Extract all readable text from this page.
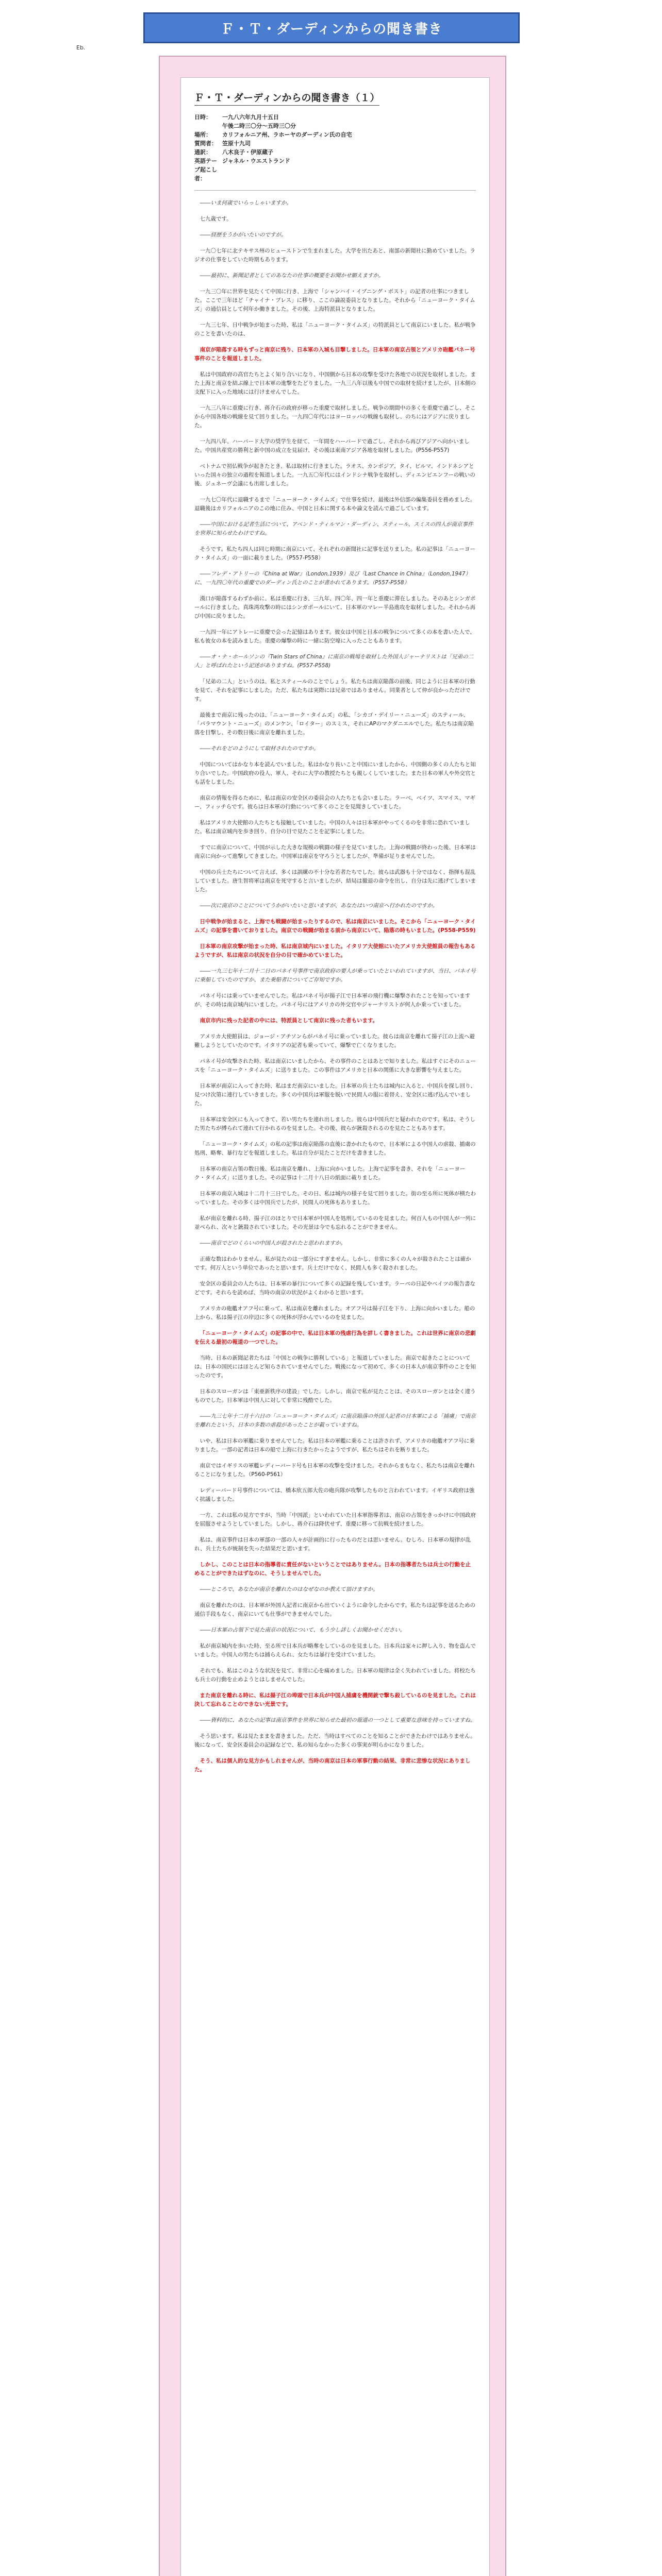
Ｆ・Ｔ・ダーディンからの聞き書き
Eb.
Ｆ・Ｔ・ダーディンからの聞き書き（１）
日時：	一九八六年九月十五日
午後二時三〇分～五時三〇分
場所：	カリフォルニア州、ラホーヤのダーディン氏の自宅
質問者： 笠原十九司
通訳：	八木良子・伊原蔵子
英語テープ起こし者：
ジャネル・ウエストランド

――いま何歳でいらっしゃいますか。

七九歳です。

――経歴をうかがいたいのですが。

一九〇七年に北テキサス州のヒューストンで生まれました。大学を出たあと、南部の新聞社に勤めていました。ラジオの仕事をしていた時期もあります。

――最初に、新聞記者としてのあなたの仕事の概要をお聞かせ願えますか。

一九三〇年に世界を見たくて中国に行き、上海で「シャンハイ・イブニング・ポスト」の記者の仕事につきました。ここで三年ほど「チャイナ・プレス」に移り、ここの論説委員となりました。それから「ニューヨーク・タイムズ」の通信員として何年か働きました。その後、上海特派員となりました。

一九三七年、日中戦争が始まった時、私は「ニューヨーク・タイムズ」の特派員として南京にいました。私が戦争のことを書いたのは、

南京が陥落する時もずっと南京に残り、日本軍の入城も目撃しました。日本軍の南京占領とアメリカ砲艦パネー号事件のことを報道しました。

私は中国政府の高官たちとよく知り合いになり、中国側から日本の攻撃を受けた各地での状況を取材しました。また上海と南京を結ぶ線上で日本軍の進撃をたどりました。一九三八年以後も中国での取材を続けましたが、日本側の支配下に入った地域には行けませんでした。

一九三八年に重慶に行き、蒋介石の政府が移った重慶で取材しました。戦争の期間中の多くを重慶で過ごし、そこから中国各地の戦線を見て回りました。一九四〇年代にはヨーロッパの戦線も取材し、のちにはアジアに戻りました。

一九四八年、ハーバード大学の奨学生を経て、一年間をハーバードで過ごし、それから再びアジアへ向かいました。中国共産党の勝利と新中国の成立を見届け、その後は東南アジア各地を取材しました。(P556-P557)

ベトナムで初仏戦争が起きたとき、私は取材に行きました。ラオス、カンボジア、タイ、ビルマ、インドネシアといった国々の独立の過程を報道しました。一九五〇年代にはインドシナ戦争を取材し、ディエンビエンフーの戦いの後、ジュネーヴ会議にも出席しました。

一九七〇年代に退職するまで「ニューヨーク・タイムズ」で仕事を続け、最後は外信部の編集委員を務めました。退職後はカリフォルニアのこの地に住み、中国と日本に関する本や論文を読んで過ごしています。

――中国における記者生活について、アベンド・ティルマン・ダーディン、スティール、スミスの四人が南京事件を世界に知らせたわけですね。

そうです。私たち四人は同じ時期に南京にいて、それぞれの新聞社に記事を送りました。私の記事は「ニューヨーク・タイムズ」の一面に載りました。（P557-P558）

――フレデ・アトリーの『China at War』（London,1939）及び『Last Chance in China』（London,1947）に、一九四〇年代の重慶でのダーディン氏とのことが書かれてあります。（P557-P558）

漢口が陥落するわずか前に、私は重慶に行き、三九年、四〇年、四一年と重慶に滞在しました。そのあとシンガポールに行きました。真珠湾攻撃の時にはシンガポールにいて、日本軍のマレー半島進攻を取材しました。それから再び中国に戻りました。

一九四一年にアトレーに重慶で会った記憶はあります。彼女は中国と日本の戦争について多くの本を書いた人で、私も彼女の本を読みました。重慶の爆撃の時に一緒に防空壕に入ったこともあります。

――オ・ナ・ホールソンの『Twin Stars of China』に南京の戦場を取材した外国人ジャーナリストは「兄弟の二人」と呼ばれたという記述がありますね。(P557-P558)

「兄弟の二人」というのは、私とスティールのことでしょう。私たちは南京陥落の前後、同じように日本軍の行動を見て、それを記事にしました。ただ、私たちは実際には兄弟ではありません。同業者として仲が良かっただけです。

最後まで南京に残ったのは、「ニューヨーク・タイムズ」の私、「シカゴ・デイリー・ニューズ」のスティール、「パラマウント・ニューズ」のメンケン、「ロイター」のスミス、それにAPのマクダニエルでした。私たちは南京陥落を目撃し、その数日後に南京を離れました。

――それをどのようにして取材されたのですか。

中国についてはかなり本を読んでいました。私はかなり長いこと中国にいましたから、中国側の多くの人たちと知り合いでした。中国政府の役人、軍人、それに大学の教授たちとも親しくしていました。また日本の軍人や外交官とも話をしました。

南京の情報を得るために、私は南京の安全区の委員会の人たちとも会いました。ラーベ、ベイツ、スマイス、マギー、フィッチらです。彼らは日本軍の行動について多くのことを見聞きしていました。

私はアメリカ大使館の人たちとも接触していました。中国の人々は日本軍がやってくるのを非常に恐れていました。私は南京城内を歩き回り、自分の目で見たことを記事にしました。

すでに南京について、中国が示した大きな規模の戦闘の様子を見ていました。上海の戦闘が終わった後、日本軍は南京に向かって進撃してきました。中国軍は南京を守ろうとしましたが、準備が足りませんでした。

中国の兵士たちについて言えば、多くは訓練の不十分な若者たちでした。彼らは武器も十分ではなく、指揮も混乱していました。唐生智将軍は南京を死守すると言いましたが、結局は撤退の命令を出し、自分は先に逃げてしまいました。

――次に南京のことについてうかがいたいと思いますが、あなたはいつ南京へ行かれたのですか。

日中戦争が始まると、上海でも戦闘が始まったりするので、私は南京にいました。そこから「ニューヨーク・タイムズ」の記事を書いておりました。南京での戦闘が始まる前から南京にいて、陥落の時もいました。(P558-P559)

日本軍の南京攻撃が始まった時、私は南京城内にいました。イタリア大使館にいたアメリカ大使館員の報告もあるようですが、私は南京の状況を自分の目で確かめていました。

――一九三七年十二月十二日のパネイ号事件で南京政府の要人が乗っていたといわれていますが、当日、パネイ号に乗船していたのですか、また乗船者についてご存知ですか。

パネイ号には乗っていませんでした。私はパネイ号が揚子江で日本軍の飛行機に爆撃されたことを知っていますが、その時は南京城内にいました。パネイ号にはアメリカの外交官やジャーナリストが何人か乗っていました。

南京市内に残った記者の中には、特派員として南京に残った者もいます。

アメリカ大使館員は、ジョージ・アチソンらがパネイ号に乗っていました。彼らは南京を離れて揚子江の上流へ避難しようとしていたのです。イタリアの記者も乗っていて、爆撃で亡くなりました。

パネイ号が攻撃された時、私は南京にいましたから、その事件のことはあとで知りました。私はすぐにそのニュースを「ニューヨーク・タイムズ」に送りました。この事件はアメリカと日本の関係に大きな影響を与えました。

日本軍が南京に入ってきた時、私はまだ南京にいました。日本軍の兵士たちは城内に入ると、中国兵を探し回り、見つけ次第に連行していきました。多くの中国兵は軍服を脱いで民間人の服に着替え、安全区に逃げ込んでいました。

日本軍は安全区にも入ってきて、若い男たちを連れ出しました。彼らは中国兵だと疑われたのです。私は、そうした男たちが縛られて連れて行かれるのを見ました。その後、彼らが銃殺されるのを見たこともあります。

「ニューヨーク・タイムズ」の私の記事は南京陥落の直後に書かれたもので、日本軍による中国人の虐殺、捕虜の処刑、略奪、暴行などを報道しました。私は自分が見たことだけを書きました。

日本軍の南京占領の数日後、私は南京を離れ、上海に向かいました。上海で記事を書き、それを「ニューヨーク・タイムズ」に送りました。その記事は十二月十八日の紙面に載りました。

日本軍の南京入城は十二月十三日でした。その日、私は城内の様子を見て回りました。街の至る所に死体が横たわっていました。その多くは中国兵でしたが、民間人の死体もありました。

私が南京を離れる時、揚子江のほとりで日本軍が中国人を処刑しているのを見ました。何百人もの中国人が一列に並べられ、次々と銃殺されていました。その光景は今でも忘れることができません。

――南京でどのくらいの中国人が殺されたと思われますか。

正確な数はわかりません。私が見たのは一部分にすぎません。しかし、非常に多くの人々が殺されたことは確かです。何万人という単位であったと思います。兵士だけでなく、民間人も多く殺されました。

安全区の委員会の人たちは、日本軍の暴行について多くの記録を残しています。ラーベの日記やベイツの報告書などです。それらを読めば、当時の南京の状況がよくわかると思います。

アメリカの砲艦オアフ号に乗って、私は南京を離れました。オアフ号は揚子江を下り、上海に向かいました。船の上から、私は揚子江の岸辺に多くの死体が浮かんでいるのを見ました。

「ニューヨーク・タイムズ」の記事の中で、私は日本軍の残虐行為を詳しく書きました。これは世界に南京の悲劇を伝える最初の報道の一つでした。

当時、日本の新聞記者たちは「中国との戦争に勝利している」と報道していました。南京で起きたことについては、日本の国民にはほとんど知らされていませんでした。戦後になって初めて、多くの日本人が南京事件のことを知ったのです。

日本のスローガンは「東亜新秩序の建設」でした。しかし、南京で私が見たことは、そのスローガンとは全く違うものでした。日本軍は中国人に対して非常に残酷でした。

――九三七年十二月十六日の「ニューヨーク・タイムズ」に南京陥落の外国人記者の日本軍による「捕虜」で南京を離れたという、日本の多数の虐殺があったことが載っていますね。

いや、私は日本の軍艦に乗りませんでした。私は日本の軍艦に乗ることは許されず、アメリカの砲艦オアフ号に乗りました。一部の記者は日本の船で上海に行きたかったようですが、私たちはそれを断りました。

南京ではイギリスの軍艦レディーバード号も日本軍の攻撃を受けました。それからまもなく、私たちは南京を離れることになりました。（P560-P561）

レディーバード号事件については、橋本欣五郎大佐の砲兵隊が攻撃したものと言われています。イギリス政府は強く抗議しました。

一方、これは私の見方ですが、当時「中国派」といわれていた日本軍指導者は、南京の占領をきっかけに中国政府を屈服させようとしていました。しかし、蒋介石は降伏せず、重慶に移って抗戦を続けました。

私は、南京事件は日本の軍部の一部の人々が計画的に行ったものだとは思いません。むしろ、日本軍の規律が乱れ、兵士たちが統制を失った結果だと思います。

しかし、このことは日本の指導者に責任がないということではありません。日本の指導者たちは兵士の行動を止めることができたはずなのに、そうしませんでした。

――ところで、あなたが南京を離れたのはなぜなのか教えて頂けますか。

南京を離れたのは、日本軍が外国人記者に南京から出ていくように命令したからです。私たちは記事を送るための通信手段もなく、南京にいても仕事ができませんでした。

――日本軍の占領下で見た南京の状況について、もう少し詳しくお聞かせください。

私が南京城内を歩いた時、至る所で日本兵が略奪をしているのを見ました。日本兵は家々に押し入り、物を盗んでいました。中国人の男たちは捕らえられ、女たちは暴行を受けていました。

それでも、私はこのような状況を見て、非常に心を痛めました。日本軍の規律は全く失われていました。将校たちも兵士の行動を止めようとはしませんでした。

また南京を離れる時に、私は揚子江の埠頭で日本兵が中国人捕虜を機関銃で撃ち殺しているのを見ました。これは決して忘れることのできない光景です。

――資料的に、あなたの記事は南京事件を世界に知らせた最初の報道の一つとして重要な意味を持っていますね。

そう思います。私は見たままを書きました。ただ、当時はすべてのことを知ることができたわけではありません。後になって、安全区委員会の記録などで、私の知らなかった多くの事実が明らかになりました。

そう、私は個人的な見方かもしれませんが、当時の南京は日本の軍事行動の結果、非常に悲惨な状況にありました。
